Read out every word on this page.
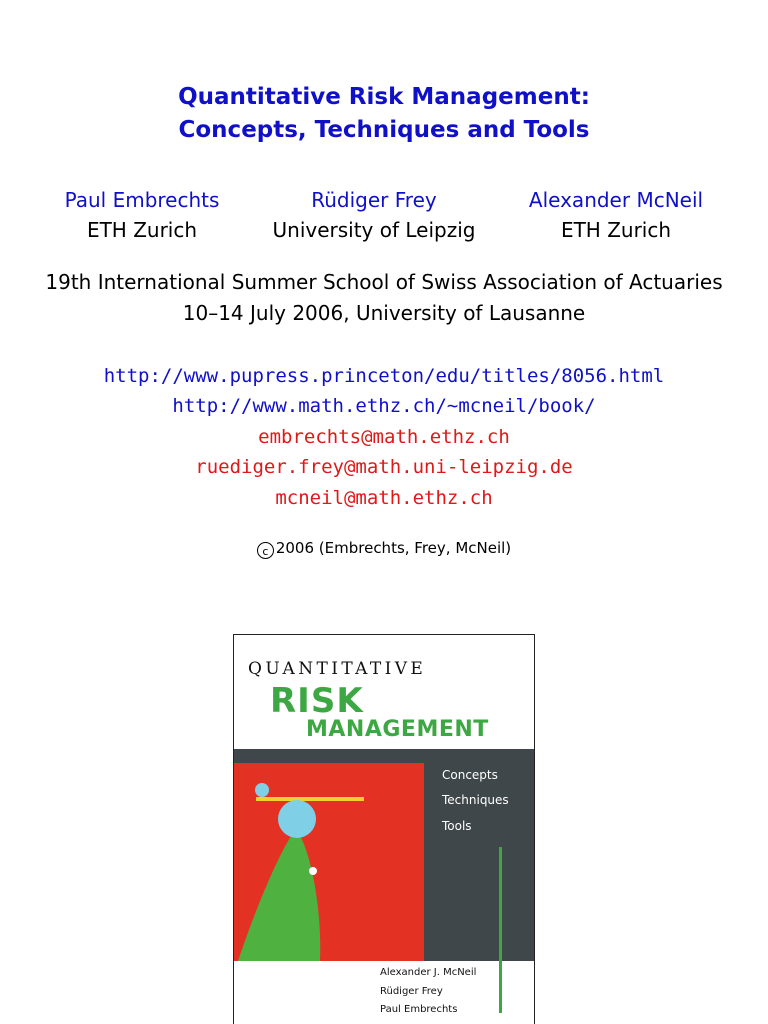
Quantitative Risk Management:
Concepts, Techniques and Tools
Paul Embrechts
ETH Zurich
Rüdiger Frey
University of Leipzig
Alexander McNeil
ETH Zurich
19th International Summer School of Swiss Association of Actuaries
10–14 July 2006, University of Lausanne
http://www.pupress.princeton/edu/titles/8056.html
http://www.math.ethz.ch/∼mcneil/book/
embrechts@math.ethz.ch
ruediger.frey@math.uni-leipzig.de
mcneil@math.ethz.ch
c 2006 (Embrechts, Frey, McNeil)
QUANTITATIVE
RISK
MANAGEMENT
Concepts
Techniques
Tools
Alexander J. McNeil
Rüdiger Frey
Paul Embrechts
